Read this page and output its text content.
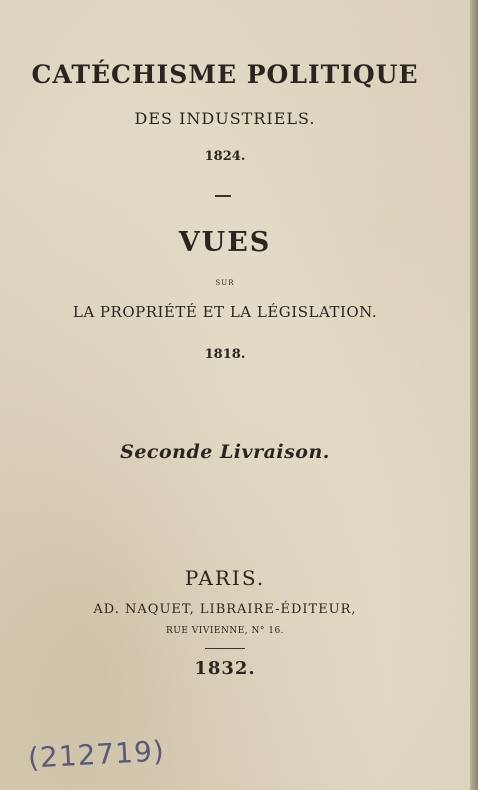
CATÉCHISME POLITIQUE
DES INDUSTRIELS.
1824.
VUES
SUR
LA PROPRIÉTÉ ET LA LÉGISLATION.
1818.
Seconde Livraison.
PARIS.
AD. NAQUET, LIBRAIRE-ÉDITEUR,
RUE VIVIENNE, N° 16.
1832.
(212719)
